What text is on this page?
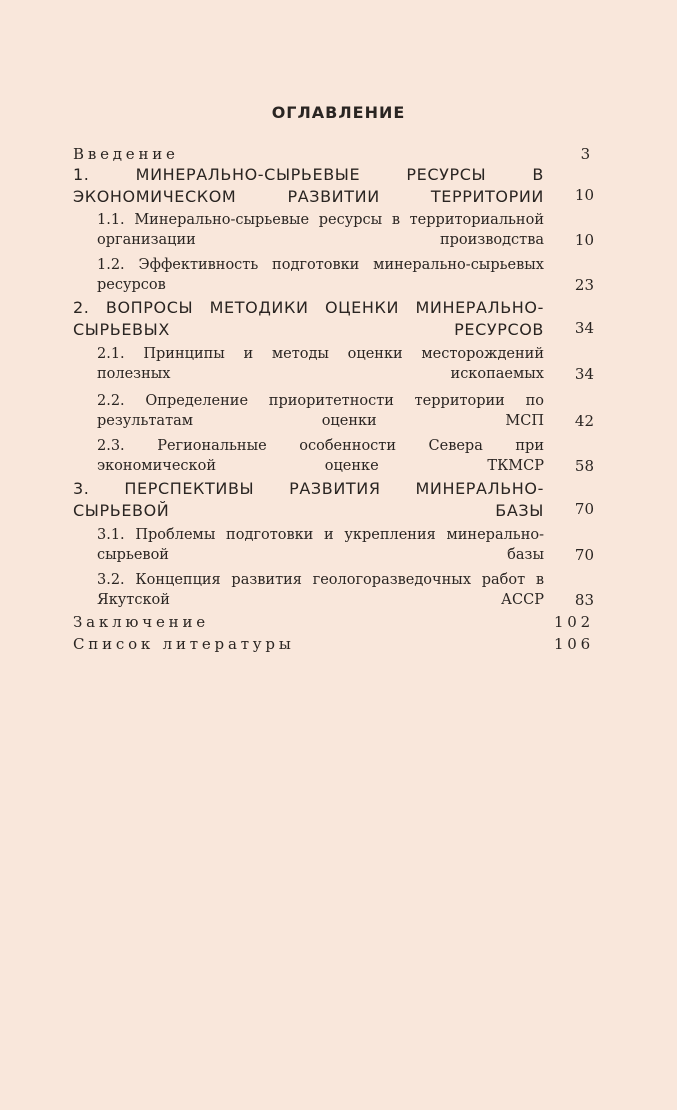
ОГЛАВЛЕНИЕ
Введение	3
1. МИНЕРАЛЬНО-СЫРЬЕВЫЕ РЕСУРСЫ В ЭКОНОМИЧЕСКОМ РАЗВИТИИ ТЕРРИТОРИИ 10
1.1. Минерально-сырьевые ресурсы в территориальной организации производства 10
1.2. Эффективность подготовки минерально-сырьевых ресурсов	23
2. ВОПРОСЫ МЕТОДИКИ ОЦЕНКИ МИНЕРАЛЬНО-СЫРЬЕВЫХ РЕСУРСОВ 34
2.1. Принципы и методы оценки месторождений полезных ископаемых 34
2.2. Определение приоритетности территории по результатам оценки МСП 42
2.3. Региональные особенности Севера при экономической оценке ТКМСР 58
3. ПЕРСПЕКТИВЫ РАЗВИТИЯ МИНЕРАЛЬНО-СЫРЬЕВОЙ БАЗЫ 70
3.1. Проблемы подготовки и укрепления минерально-сырьевой базы 70
3.2. Концепция развития геологоразведочных работ в Якутской АССР 83
Заключение	102
Список литературы	106
